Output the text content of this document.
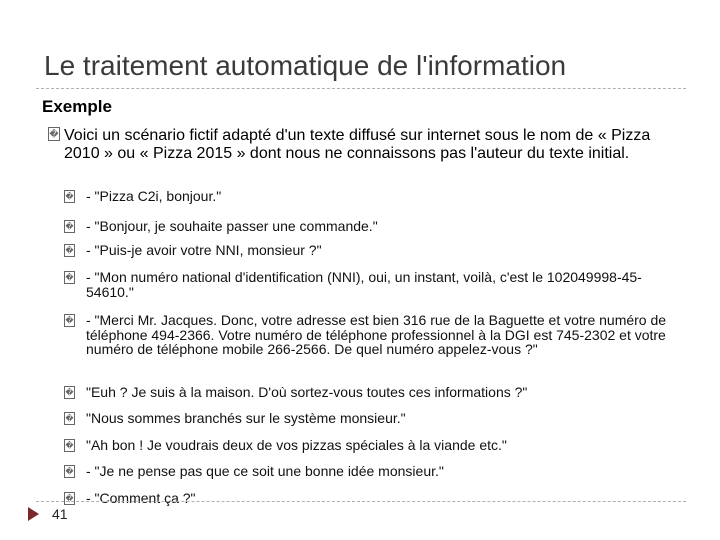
Le traitement automatique de l'information
Exemple
� Voici un scénario fictif adapté d'un texte diffusé sur internet sous le nom de « Pizza 2010 » ou « Pizza 2015 » dont nous ne connaissons pas l'auteur du texte initial.
� - "Pizza C2i, bonjour."
� - "Bonjour, je souhaite passer une commande."
� - "Puis-je avoir votre NNI, monsieur ?"
� - "Mon numéro national d'identification (NNI), oui, un instant, voilà, c'est le 102049998-45-54610."
� - "Merci Mr. Jacques. Donc, votre adresse est bien 316 rue de la Baguette et votre numéro de téléphone 494-2366. Votre numéro de téléphone professionnel à la DGI est 745-2302 et votre numéro de téléphone mobile 266-2566. De quel numéro appelez-vous ?"
� "Euh ? Je suis à la maison. D'où sortez-vous toutes ces informations ?"
� "Nous sommes branchés sur le système monsieur."
� "Ah bon ! Je voudrais deux de vos pizzas spéciales à la viande etc."
� - "Je ne pense pas que ce soit une bonne idée monsieur."
� - "Comment ça ?"
41
